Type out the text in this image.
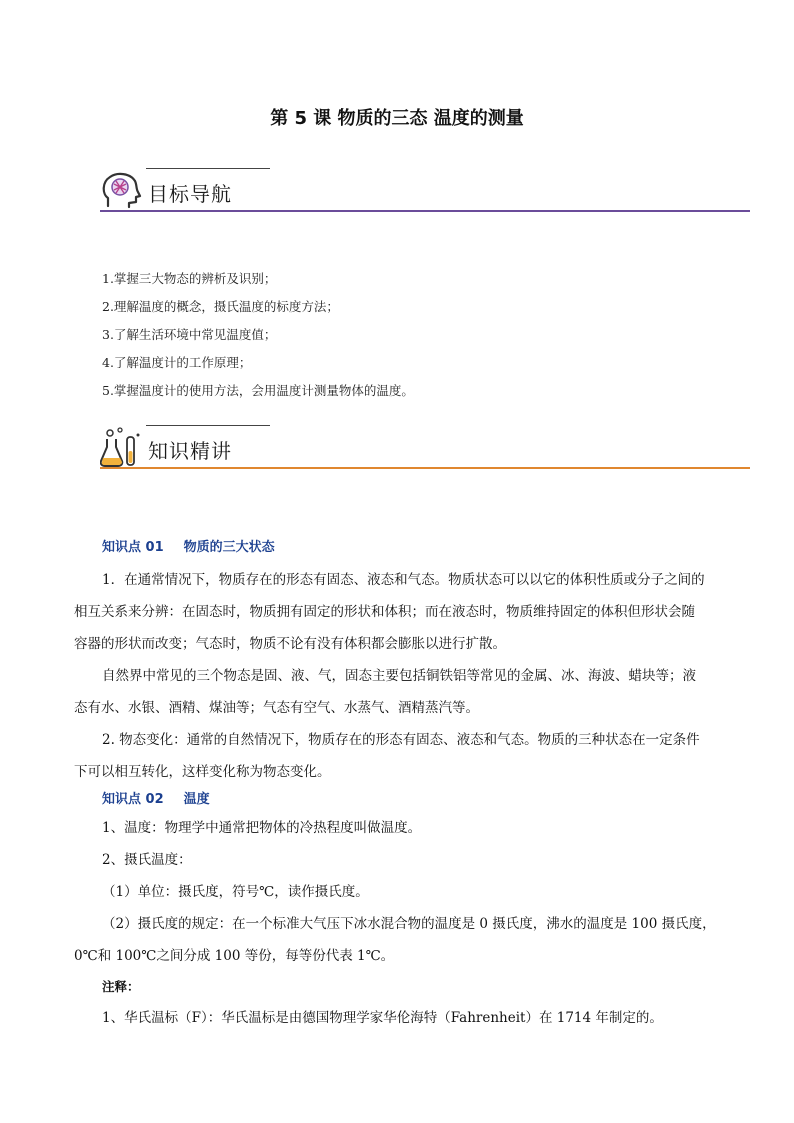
第 5 课 物质的三态 温度的测量
目标导航
1.掌握三大物态的辨析及识别；
2.理解温度的概念，摄氏温度的标度方法；
3.了解生活环境中常见温度值；
4.了解温度计的工作原理；
5.掌握温度计的使用方法，会用温度计测量物体的温度。
知识精讲
知识点 01 物质的三大状态
1．在通常情况下，物质存在的形态有固态、液态和气态。物质状态可以以它的体积性质或分子之间的
相互关系来分辨：在固态时，物质拥有固定的形状和体积；而在液态时，物质维持固定的体积但形状会随
容器的形状而改变；气态时，物质不论有没有体积都会膨胀以进行扩散。
自然界中常见的三个物态是固、液、气，固态主要包括铜铁铝等常见的金属、冰、海波、蜡块等；液
态有水、水银、酒精、煤油等；气态有空气、水蒸气、酒精蒸汽等。
2. 物态变化：通常的自然情况下，物质存在的形态有固态、液态和气态。物质的三种状态在一定条件
下可以相互转化，这样变化称为物态变化。
知识点 02 温度
1、温度：物理学中通常把物体的冷热程度叫做温度。
2、摄氏温度：
（1）单位：摄氏度，符号℃，读作摄氏度。
（2）摄氏度的规定：在一个标准大气压下冰水混合物的温度是 0 摄氏度，沸水的温度是 100 摄氏度，
0℃和 100℃之间分成 100 等份，每等份代表 1℃。
注释：
1、华氏温标（F）：华氏温标是由德国物理学家华伦海特（Fahrenheit）在 1714 年制定的。
